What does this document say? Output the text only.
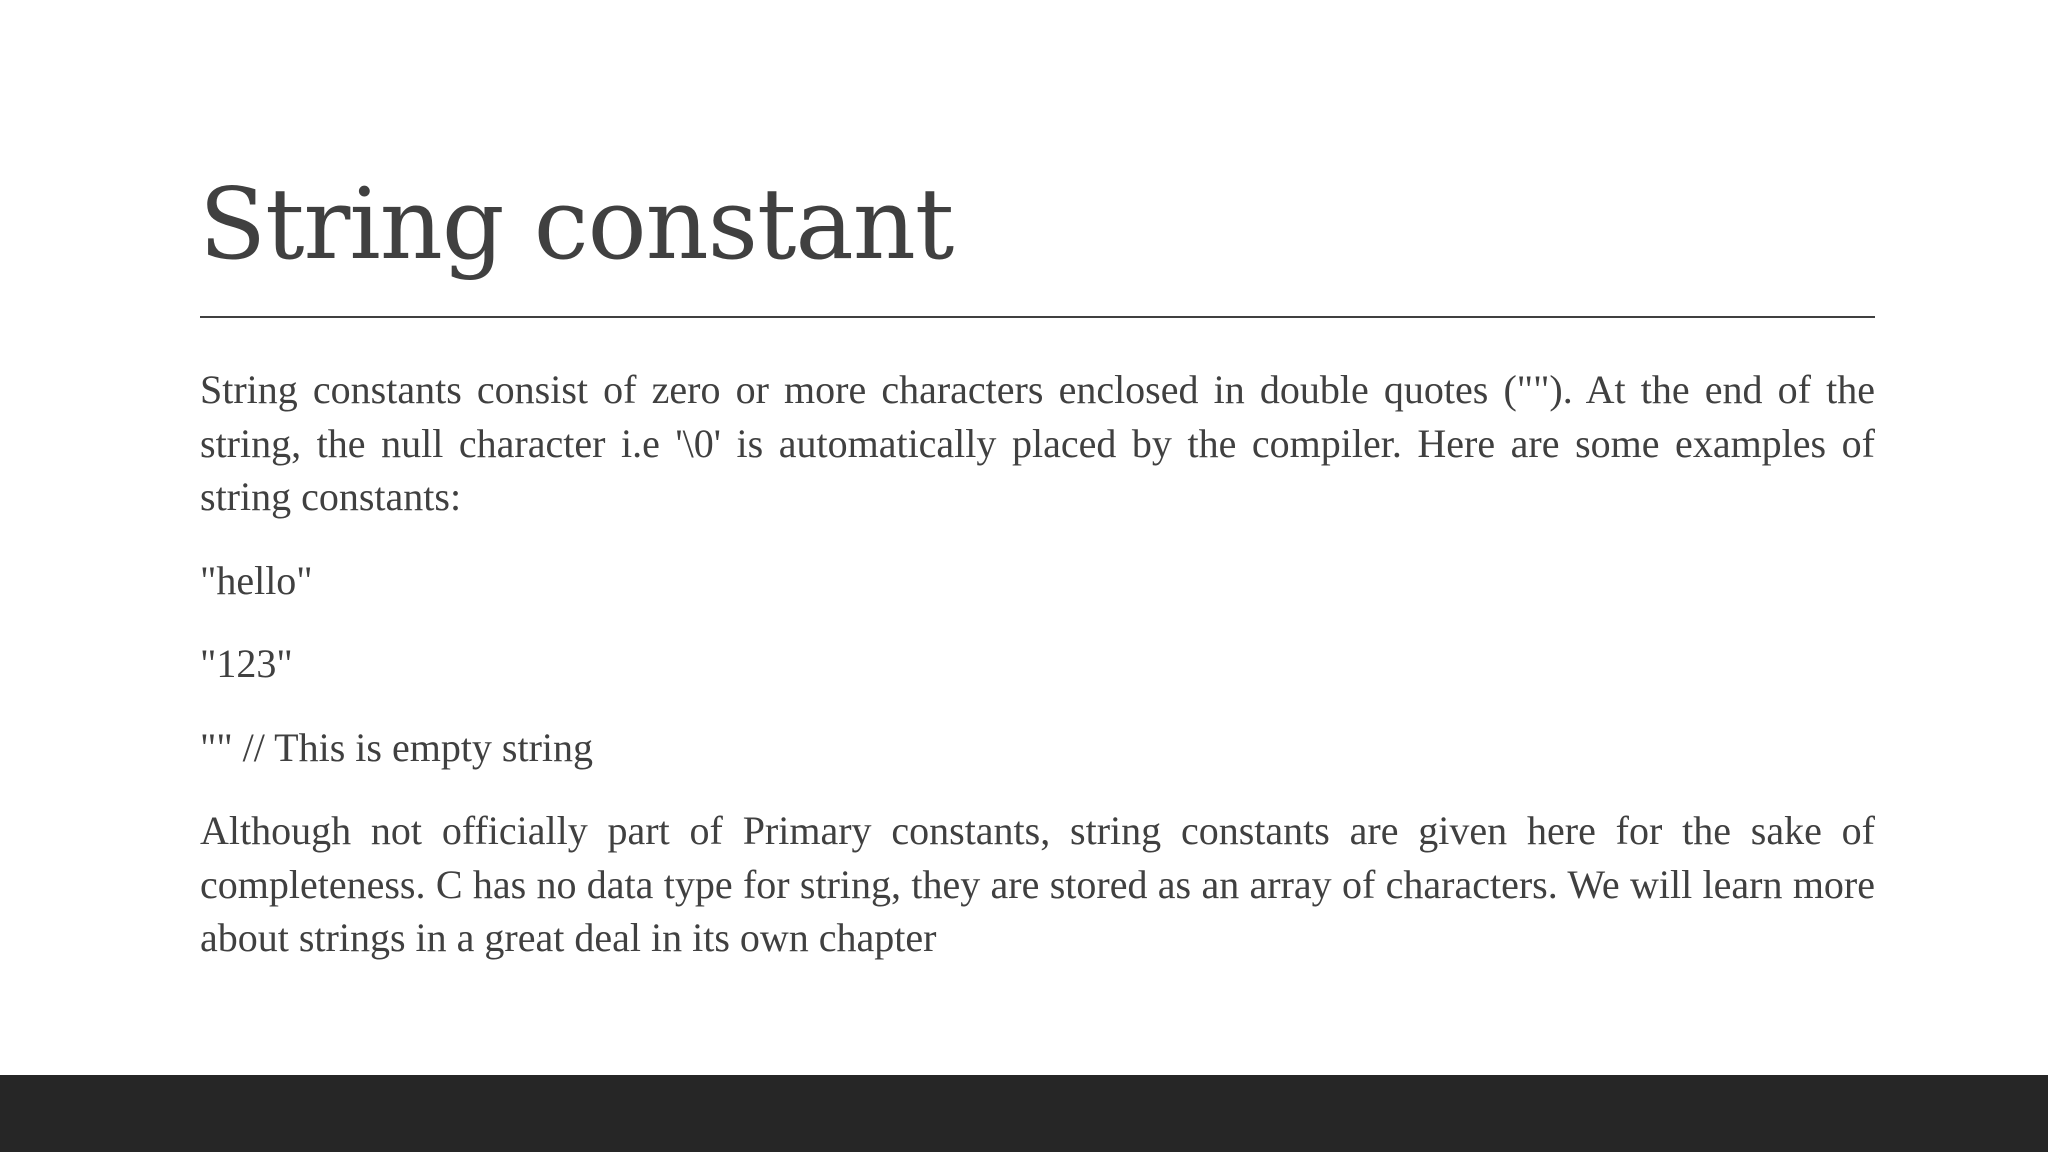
String constant

String constants consist of zero or more characters enclosed in double quotes (""). At the end of the string, the null character i.e '\0' is automatically placed by the compiler. Here are some examples of string constants:

"hello"

"123"

"" // This is empty string

Although not officially part of Primary constants, string constants are given here for the sake of completeness. C has no data type for string, they are stored as an array of characters. We will learn more about strings in a great deal in its own chapter
